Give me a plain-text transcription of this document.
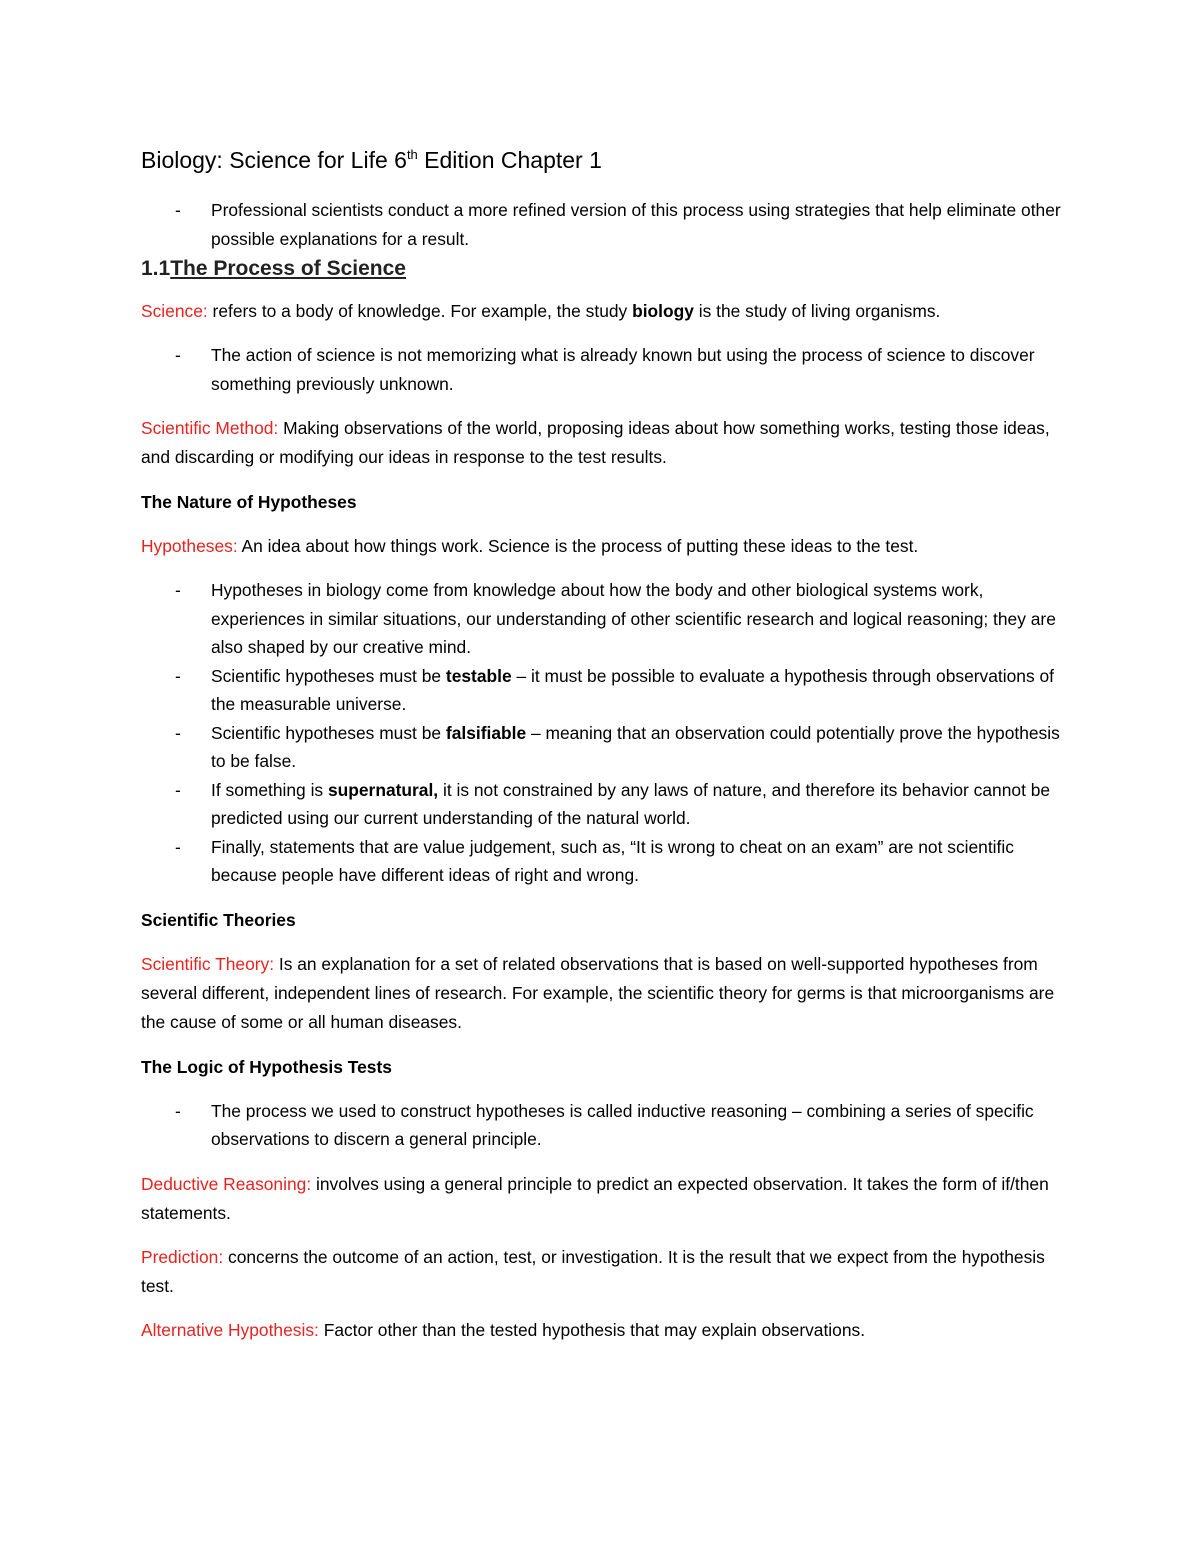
Biology: Science for Life 6th Edition Chapter 1
- Professional scientists conduct a more refined version of this process using strategies that help eliminate other possible explanations for a result.
1.1The Process of Science

Science: refers to a body of knowledge. For example, the study biology is the study of living organisms.

- The action of science is not memorizing what is already known but using the process of science to discover something previously unknown.

Scientific Method: Making observations of the world, proposing ideas about how something works, testing those ideas, and discarding or modifying our ideas in response to the test results.

The Nature of Hypotheses

Hypotheses: An idea about how things work. Science is the process of putting these ideas to the test.

- Hypotheses in biology come from knowledge about how the body and other biological systems work, experiences in similar situations, our understanding of other scientific research and logical reasoning; they are also shaped by our creative mind.
- Scientific hypotheses must be testable – it must be possible to evaluate a hypothesis through observations of the measurable universe.
- Scientific hypotheses must be falsifiable – meaning that an observation could potentially prove the hypothesis to be false.
- If something is supernatural, it is not constrained by any laws of nature, and therefore its behavior cannot be predicted using our current understanding of the natural world.
- Finally, statements that are value judgement, such as, “It is wrong to cheat on an exam” are not scientific because people have different ideas of right and wrong.

Scientific Theories

Scientific Theory: Is an explanation for a set of related observations that is based on well-supported hypotheses from several different, independent lines of research. For example, the scientific theory for germs is that microorganisms are the cause of some or all human diseases.

The Logic of Hypothesis Tests

- The process we used to construct hypotheses is called inductive reasoning – combining a series of specific observations to discern a general principle.

Deductive Reasoning: involves using a general principle to predict an expected observation. It takes the form of if/then statements.

Prediction: concerns the outcome of an action, test, or investigation. It is the result that we expect from the hypothesis test.

Alternative Hypothesis: Factor other than the tested hypothesis that may explain observations.
